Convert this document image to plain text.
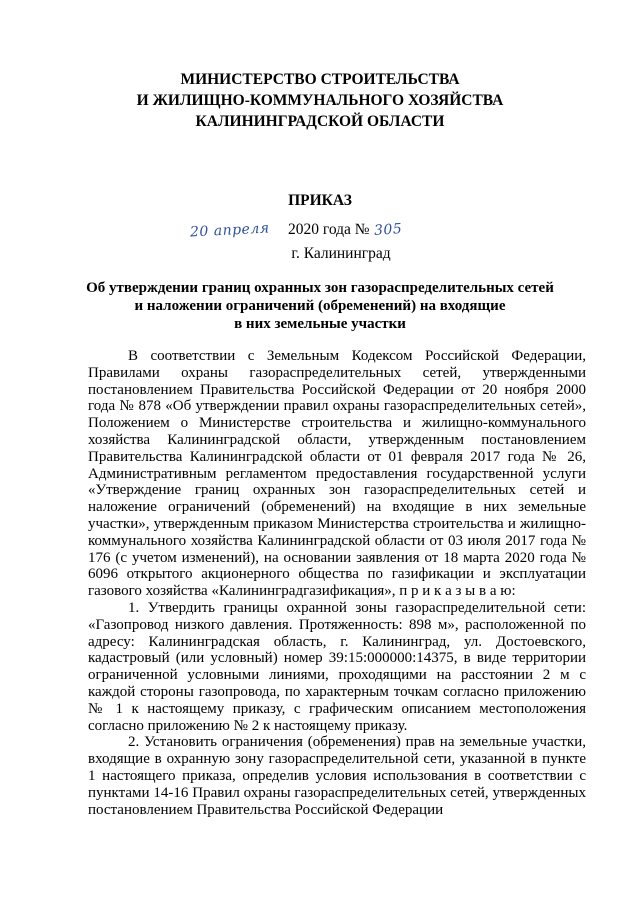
МИНИСТЕРСТВО СТРОИТЕЛЬСТВА
И ЖИЛИЩНО-КОММУНАЛЬНОГО ХОЗЯЙСТВА
КАЛИНИНГРАДСКОЙ ОБЛАСТИ
ПРИКАЗ
20 апреля 2020 года № 305
г. Калининград
Об утверждении границ охранных зон газораспределительных сетей
и наложении ограничений (обременений) на входящие
в них земельные участки

В соответствии с Земельным Кодексом Российской Федерации, Правилами охраны газораспределительных сетей, утвержденными постановлением Правительства Российской Федерации от 20 ноября 2000 года № 878 «Об утверждении правил охраны газораспределительных сетей», Положением о Министерстве строительства и жилищно-коммунального хозяйства Калининградской области, утвержденным постановлением Правительства Калининградской области от 01 февраля 2017 года № 26, Административным регламентом предоставления государственной услуги «Утверждение границ охранных зон газораспределительных сетей и наложение ограничений (обременений) на входящие в них земельные участки», утвержденным приказом Министерства строительства и жилищно-коммунального хозяйства Калининградской области от 03 июля 2017 года № 176 (с учетом изменений), на основании заявления от 18 марта 2020 года № 6096 открытого акционерного общества по газификации и эксплуатации газового хозяйства «Калининградгазификация», п р и к а з ы в а ю:

1. Утвердить границы охранной зоны газораспределительной сети: «Газопровод низкого давления. Протяженность: 898 м», расположенной по адресу: Калининградская область, г. Калининград, ул. Достоевского, кадастровый (или условный) номер 39:15:000000:14375, в виде территории ограниченной условными линиями, проходящими на расстоянии 2 м с каждой стороны газопровода, по характерным точкам согласно приложению № 1 к настоящему приказу, с графическим описанием местоположения согласно приложению № 2 к настоящему приказу.

2. Установить ограничения (обременения) прав на земельные участки, входящие в охранную зону газораспределительной сети, указанной в пункте 1 настоящего приказа, определив условия использования в соответствии с пунктами 14-16 Правил охраны газораспределительных сетей, утвержденных постановлением Правительства Российской Федерации
